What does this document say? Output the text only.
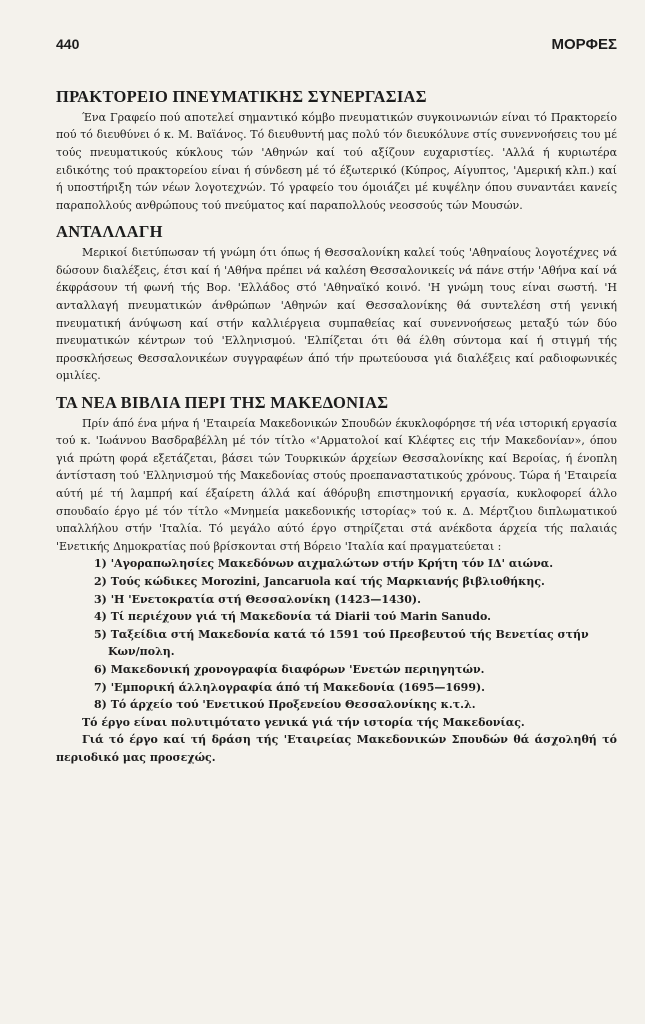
440	ΜΟΡΦΕΣ
ΠΡΑΚΤΟΡΕΙΟ ΠΝΕΥΜΑΤΙΚΗΣ ΣΥΝΕΡΓΑΣΙΑΣ

Ένα Γραφείο πού αποτελεί σημαντικό κόμβο πνευματικών συγκοινωνιών είναι τό Πρακτορείο πού τό διευθύνει ό κ. Μ. Βαϊάνος. Τό διευθυντή μας πολύ τόν διευκόλυνε στίς συνεννοήσεις του μέ τούς πνευματικούς κύκλους τών 'Αθηνών καί τού αξίζουν ευχαριστίες. 'Αλλά ή κυριωτέρα ειδικότης τού πρακτορείου είναι ή σύνδεση μέ τό έξωτερικό (Κύπρος, Αίγυπτος, 'Αμερική κλπ.) καί ή υποστήριξη τών νέων λογοτεχνών. Τό γραφείο του όμοιάζει μέ κυψέλην όπου συναντάει κανείς παραπολλούς ανθρώπους τού πνεύματος καί παραπολλούς νεοσσούς τών Μουσών.

ΑΝΤΑΛΛΑΓΗ

Μερικοί διετύπωσαν τή γνώμη ότι όπως ή Θεσσαλονίκη καλεί τούς 'Αθηναίους λογοτέχνες νά δώσουν διαλέξεις, έτσι καί ή 'Αθήνα πρέπει νά καλέση Θεσσαλονικείς νά πάνε στήν 'Αθήνα καί νά έκφράσουν τή φωνή τής Βορ. 'Ελλάδος στό 'Αθηναϊκό κοινό. 'Η γνώμη τους είναι σωστή. 'Η ανταλλαγή πνευματικών άνθρώπων 'Αθηνών καί Θεσσαλονίκης θά συντελέση στή γενική πνευματική άνύψωση καί στήν καλλιέργεια συμπαθείας καί συνεννοήσεως μεταξύ τών δύο πνευματικών κέντρων τού 'Ελληνισμού. 'Ελπίζεται ότι θά έλθη σύντομα καί ή στιγμή τής προσκλήσεως Θεσσαλονικέων συγγραφέων άπό τήν πρωτεύουσα γιά διαλέξεις καί ραδιοφωνικές ομιλίες.

ΤΑ ΝΕΑ ΒΙΒΛΙΑ ΠΕΡΙ ΤΗΣ ΜΑΚΕΔΟΝΙΑΣ

Πρίν άπό ένα μήνα ή 'Εταιρεία Μακεδονικών Σπουδών έκυκλοφόρησε τή νέα ιστορική εργασία τού κ. 'Ιωάννου Βασδραβέλλη μέ τόν τίτλο «'Αρματολοί καί Κλέφτες εις τήν Μακεδονίαν», όπου γιά πρώτη φορά εξετάζεται, βάσει τών Τουρκικών άρχείων Θεσσαλονίκης καί Βεροίας, ή ένοπλη άντίσταση τού 'Ελληνισμού τής Μακεδονίας στούς προεπαναστατικούς χρόνους. Τώρα ή 'Εταιρεία αύτή μέ τή λαμπρή καί έξαίρετη άλλά καί άθόρυβη επιστημονική εργασία, κυκλοφορεί άλλο σπουδαίο έργο μέ τόν τίτλο «Μνημεία μακεδονικής ιστορίας» τού κ. Δ. Μέρτζιου διπλωματικού υπαλλήλου στήν 'Ιταλία. Τό μεγάλο αύτό έργο στηρίζεται στά ανέκδοτα άρχεία τής παλαιάς 'Ενετικής Δημοκρατίας πού βρίσκονται στή Βόρειο 'Ιταλία καί πραγματεύεται :

1) 'Αγοραπωλησίες Μακεδόνων αιχμαλώτων στήν Κρήτη τόν ΙΔ' αιώνα.
2) Τούς κώδικες Morozini, Jancaruola καί τής Μαρκιανής βιβλιοθήκης.
3) 'Η 'Ενετοκρατία στή Θεσσαλονίκη (1423—1430).
4) Τί περιέχουν γιά τή Μακεδονία τά Diarii τού Marin Sanudo.
5) Ταξείδια στή Μακεδονία κατά τό 1591 τού Πρεσβευτού τής Βενετίας στήν Κων/πολη.
6) Μακεδονική χρονογραφία διαφόρων 'Ενετών περιηγητών.
7) 'Εμπορική άλληλογραφία άπό τή Μακεδονία (1695—1699).
8) Τό άρχείο τού 'Ενετικού Προξενείου Θεσσαλονίκης κ.τ.λ.

Τό έργο είναι πολυτιμότατο γενικά γιά τήν ιστορία τής Μακεδονίας.

Γιά τό έργο καί τή δράση τής 'Εταιρείας Μακεδονικών Σπουδών θά άσχοληθή τό περιοδικό μας προσεχώς.
